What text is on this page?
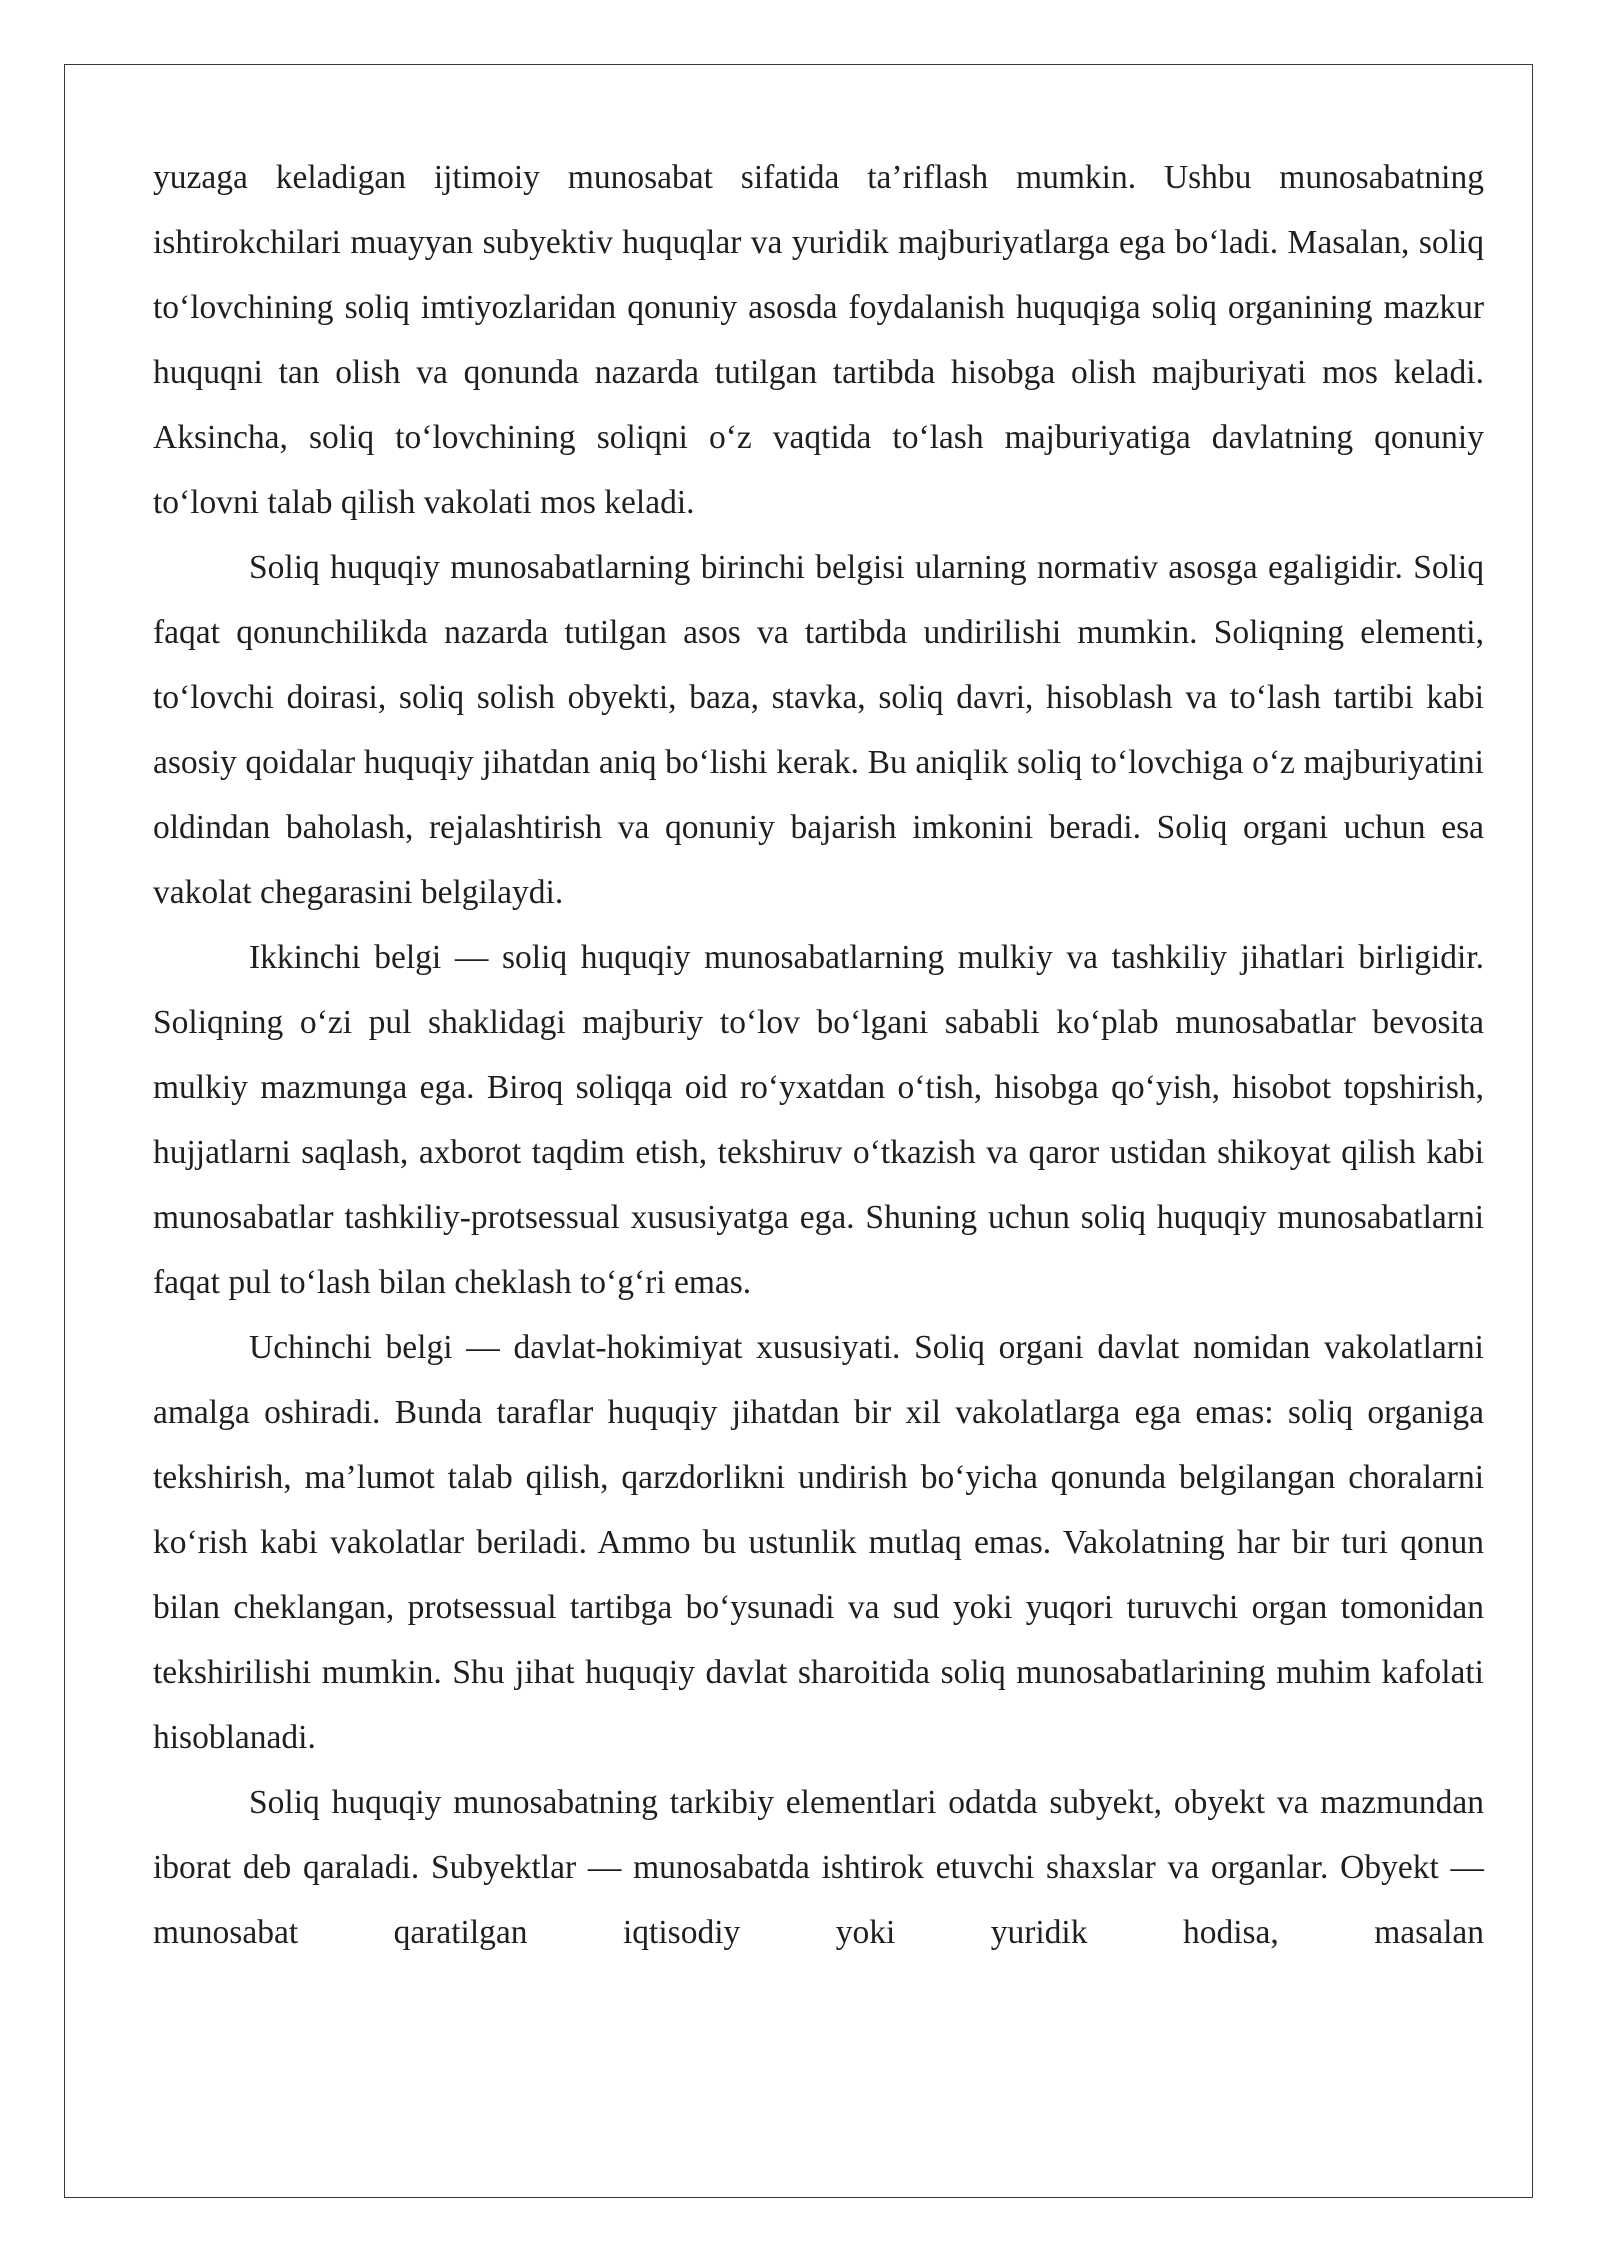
yuzaga keladigan ijtimoiy munosabat sifatida ta’riflash mumkin. Ushbu munosabatning ishtirokchilari muayyan subyektiv huquqlar va yuridik majburiyatlarga ega bo‘ladi. Masalan, soliq to‘lovchining soliq imtiyozlaridan qonuniy asosda foydalanish huquqiga soliq organining mazkur huquqni tan olish va qonunda nazarda tutilgan tartibda hisobga olish majburiyati mos keladi. Aksincha, soliq to‘lovchining soliqni o‘z vaqtida to‘lash majburiyatiga davlatning qonuniy to‘lovni talab qilish vakolati mos keladi.

Soliq huquqiy munosabatlarning birinchi belgisi ularning normativ asosga egaligidir. Soliq faqat qonunchilikda nazarda tutilgan asos va tartibda undirilishi mumkin. Soliqning elementi, to‘lovchi doirasi, soliq solish obyekti, baza, stavka, soliq davri, hisoblash va to‘lash tartibi kabi asosiy qoidalar huquqiy jihatdan aniq bo‘lishi kerak. Bu aniqlik soliq to‘lovchiga o‘z majburiyatini oldindan baholash, rejalashtirish va qonuniy bajarish imkonini beradi. Soliq organi uchun esa vakolat chegarasini belgilaydi.

Ikkinchi belgi — soliq huquqiy munosabatlarning mulkiy va tashkiliy jihatlari birligidir. Soliqning o‘zi pul shaklidagi majburiy to‘lov bo‘lgani sababli ko‘plab munosabatlar bevosita mulkiy mazmunga ega. Biroq soliqqa oid ro‘yxatdan o‘tish, hisobga qo‘yish, hisobot topshirish, hujjatlarni saqlash, axborot taqdim etish, tekshiruv o‘tkazish va qaror ustidan shikoyat qilish kabi munosabatlar tashkiliy-protsessual xususiyatga ega. Shuning uchun soliq huquqiy munosabatlarni faqat pul to‘lash bilan cheklash to‘g‘ri emas.

Uchinchi belgi — davlat-hokimiyat xususiyati. Soliq organi davlat nomidan vakolatlarni amalga oshiradi. Bunda taraflar huquqiy jihatdan bir xil vakolatlarga ega emas: soliq organiga tekshirish, ma’lumot talab qilish, qarzdorlikni undirish bo‘yicha qonunda belgilangan choralarni ko‘rish kabi vakolatlar beriladi. Ammo bu ustunlik mutlaq emas. Vakolatning har bir turi qonun bilan cheklangan, protsessual tartibga bo‘ysunadi va sud yoki yuqori turuvchi organ tomonidan tekshirilishi mumkin. Shu jihat huquqiy davlat sharoitida soliq munosabatlarining muhim kafolati hisoblanadi.

Soliq huquqiy munosabatning tarkibiy elementlari odatda subyekt, obyekt va mazmundan iborat deb qaraladi. Subyektlar — munosabatda ishtirok etuvchi shaxslar va organlar. Obyekt — munosabat qaratilgan iqtisodiy yoki yuridik hodisa, masalan
